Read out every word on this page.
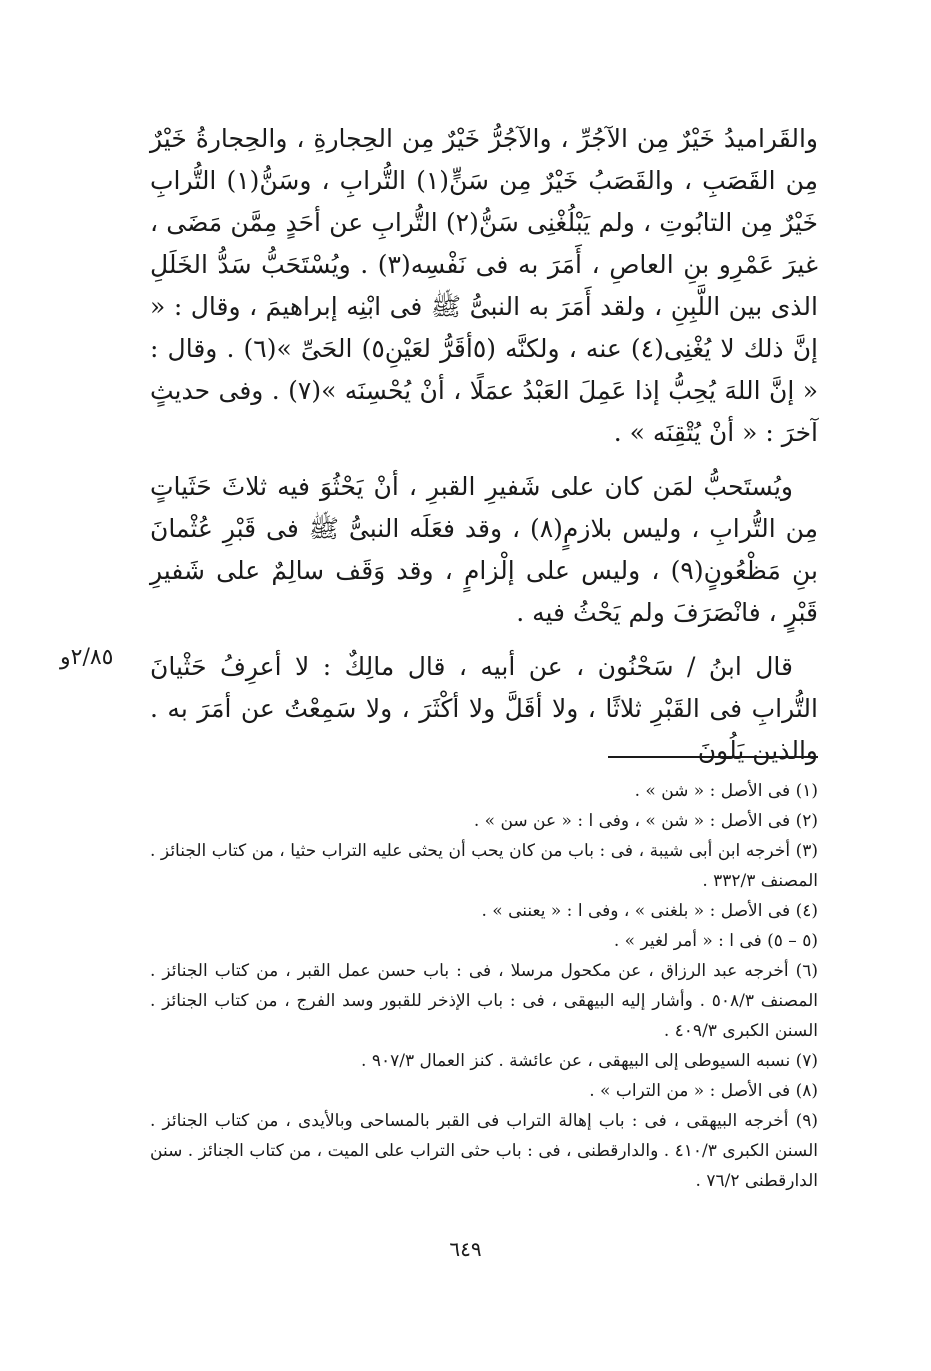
والقَراميدُ خَيْرٌ مِن الآجُرِّ ، والآجُرُّ خَيْرٌ مِن الحِجارةِ ، والحِجارةُ خَيْرٌ مِن القَصَبِ ، والقَصَبُ خَيْرٌ مِن سَنٍّ(١) التُّرابِ ، وسَنُّ(١) التُّرابِ خَيْرٌ مِن التابُوتِ ، ولم يَبْلُغْنِى سَنُّ(٢) التُّرابِ عن أحَدٍ مِمَّن مَضَى ، غيرَ عَمْرِو بنِ العاصِ ، أَمَرَ به فى نَفْسِه(٣) . ويُسْتَحَبُّ سَدُّ الخَلَلِ الذى بين اللَّبِنِ ، ولقد أَمَرَ به النبىُّ ﷺ فى ابْنِه إبراهيمَ ، وقال : « إنَّ ذلك لا يُغْنِى(٤) عنه ، ولكنَّه (٥أقَرُّ لعَيْنِ٥) الحَىِّ »(٦) . وقال : « إنَّ اللهَ يُحِبُّ إذا عَمِلَ العَبْدُ عمَلًا ، أنْ يُحْسِنَه »(٧) . وفى حديثٍ آخرَ : « أنْ يُتْقِنَه » .

ويُستَحبُّ لمَن كان على شَفيرِ القبرِ ، أنْ يَحْثُوَ فيه ثلاثَ حَثَياتٍ مِن التُّرابِ ، وليس بلازمٍ(٨) ، وقد فعَلَه النبىُّ ﷺ فى قَبْرِ عُثْمانَ بنِ مَظْعُونٍ(٩) ، وليس على إلْزامٍ ، وقد وَقَف سالِمٌ على شَفيرِ قَبْرٍ ، فانْصَرَفَ ولم يَحْثُ فيه .

قال ابنُ / سَحْنُون ، عن أبيه ، قال مالِكٌ : لا أعرِفُ حَثْيانَ التُّرابِ فى القَبْرِ ثلاثًا ، ولا أقَلَّ ولا أكْثَرَ ، ولا سَمِعْتُ عن أمَرَ به . والذين يَلُونَ

٢/٨٥و

(١) فى الأصل : « شن » .

(٢) فى الأصل : « شن » ، وفى ا : « عن سن » .

(٣) أخرجه ابن أبى شيبة ، فى : باب من كان يحب أن يحثى عليه التراب حثيا ، من كتاب الجنائز . المصنف ٣٣٢/٣ .

(٤) فى الأصل : « بلغنى » ، وفى ا : « يعننى » .

(٥ – ٥) فى ا : « أمر لغير » .

(٦) أخرجه عبد الرزاق ، عن مكحول مرسلا ، فى : باب حسن عمل القبر ، من كتاب الجنائز . المصنف ٥٠٨/٣ . وأشار إليه البيهقى ، فى : باب الإذخر للقبور وسد الفرج ، من كتاب الجنائز . السنن الكبرى ٤٠٩/٣ .

(٧) نسبه السيوطى إلى البيهقى ، عن عائشة . كنز العمال ٩٠٧/٣ .

(٨) فى الأصل : « من التراب » .

(٩) أخرجه البيهقى ، فى : باب إهالة التراب فى القبر بالمساحى وبالأيدى ، من كتاب الجنائز . السنن الكبرى ٤١٠/٣ . والدارقطنى ، فى : باب حثى التراب على الميت ، من كتاب الجنائز . سنن الدارقطنى ٧٦/٢ .

٦٤٩
